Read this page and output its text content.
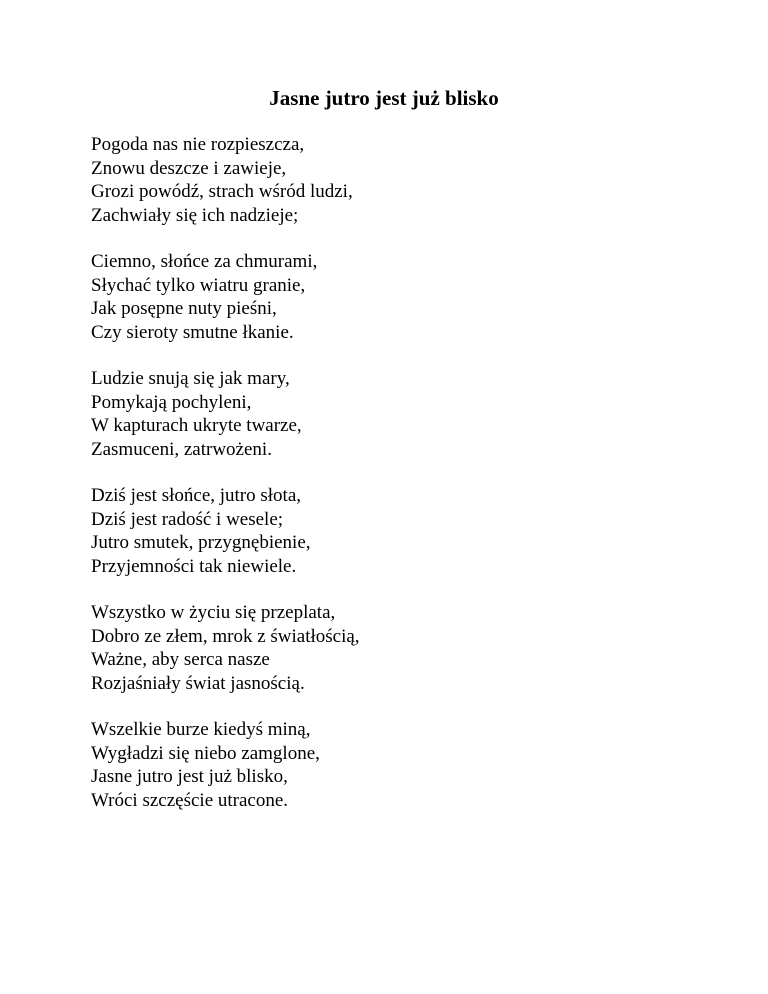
Jasne jutro jest już blisko
Pogoda nas nie rozpieszcza,
Znowu deszcze i zawieje,
Grozi powódź, strach wśród ludzi,
Zachwiały się ich nadzieje;
Ciemno, słońce za chmurami,
Słychać tylko wiatru granie,
Jak posępne nuty pieśni,
Czy sieroty smutne łkanie.
Ludzie snują się jak mary,
Pomykają pochyleni,
W kapturach ukryte twarze,
Zasmuceni, zatrwożeni.
Dziś jest słońce, jutro słota,
Dziś jest radość i wesele;
Jutro smutek, przygnębienie,
Przyjemności tak niewiele.
Wszystko w życiu się przeplata,
Dobro ze złem, mrok z światłością,
Ważne, aby serca nasze
Rozjaśniały świat jasnością.
Wszelkie burze kiedyś miną,
Wygładzi się niebo zamglone,
Jasne jutro jest już blisko,
Wróci szczęście utracone.
